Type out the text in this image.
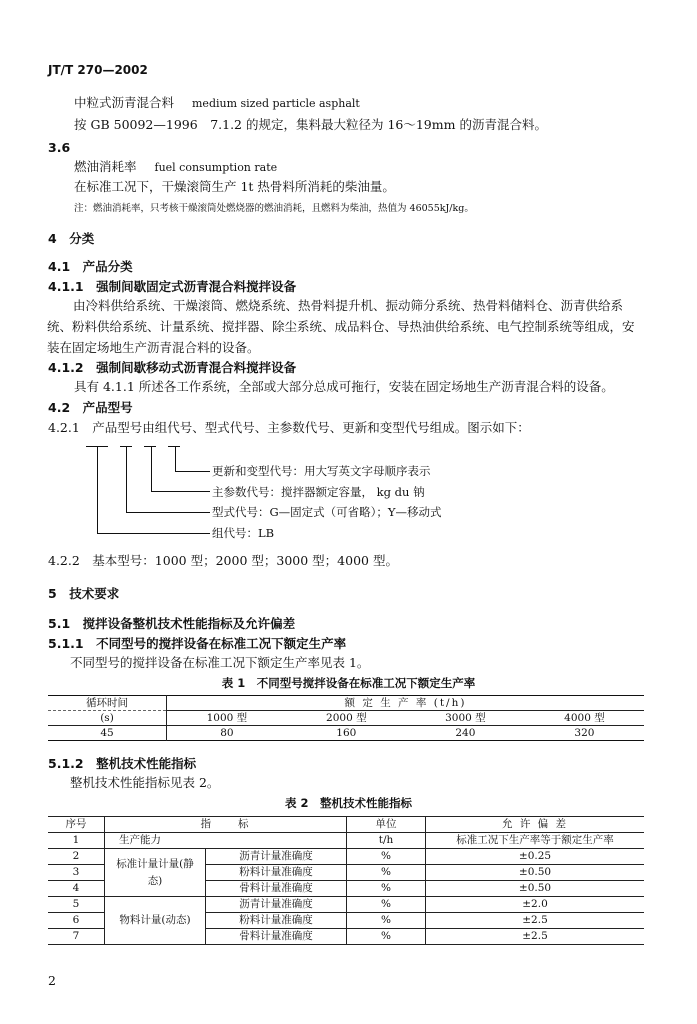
JT/T 270—2002
中粒式沥青混合料 medium sized particle asphalt
按 GB 50092—1996　7.1.2 的规定，集料最大粒径为 16～19mm 的沥青混合料。
3.6
燃油消耗率 fuel consumption rate
在标准工况下，干燥滚筒生产 1t 热骨料所消耗的柴油量。
注：燃油消耗率，只考核干燥滚筒处燃烧器的燃油消耗，且燃料为柴油，热值为 46055kJ/kg。
4　分类
4.1　产品分类
4.1.1　强制间歇固定式沥青混合料搅拌设备
由冷料供给系统、干燥滚筒、燃烧系统、热骨料提升机、振动筛分系统、热骨料储料仓、沥青供给系统、粉料供给系统、计量系统、搅拌器、除尘系统、成品料仓、导热油供给系统、电气控制系统等组成，安装在固定场地生产沥青混合料的设备。
4.1.2　强制间歇移动式沥青混合料搅拌设备
具有 4.1.1 所述各工作系统，全部或大部分总成可拖行，安装在固定场地生产沥青混合料的设备。
4.2　产品型号
4.2.1　产品型号由组代号、型式代号、主参数代号、更新和变型代号组成。图示如下：
更新和变型代号：用大写英文字母顺序表示
主参数代号：搅拌器额定容量， kg du 钠
型式代号：G—固定式（可省略）；Y—移动式
组代号：LB
4.2.2　基本型号：1000 型；2000 型；3000 型；4000 型。
5　技术要求
5.1　搅拌设备整机技术性能指标及允许偏差
5.1.1　不同型号的搅拌设备在标准工况下额定生产率
不同型号的搅拌设备在标准工况下额定生产率见表 1。
表 1　不同型号搅拌设备在标准工况下额定生产率
循环时间	额 定 生 产 率 (t/h)			
(s)	1000 型	2000 型	3000 型	4000 型
45	80	160	240	320
5.1.2　整机技术性能指标
整机技术性能指标见表 2。
表 2　整机技术性能指标
序号	指　　标		单位	允 许 偏 差
1	生产能力		t/h	标准工况下生产率等于额定生产率
2	标准计量计量(静态)	沥青计量准确度	%	±0.25
3		粉料计量准确度	%	±0.50
4		骨料计量准确度	%	±0.50
5	物料计量(动态)	沥青计量准确度	%	±2.0
6		粉料计量准确度	%	±2.5
7		骨料计量准确度	%	±2.5
2
